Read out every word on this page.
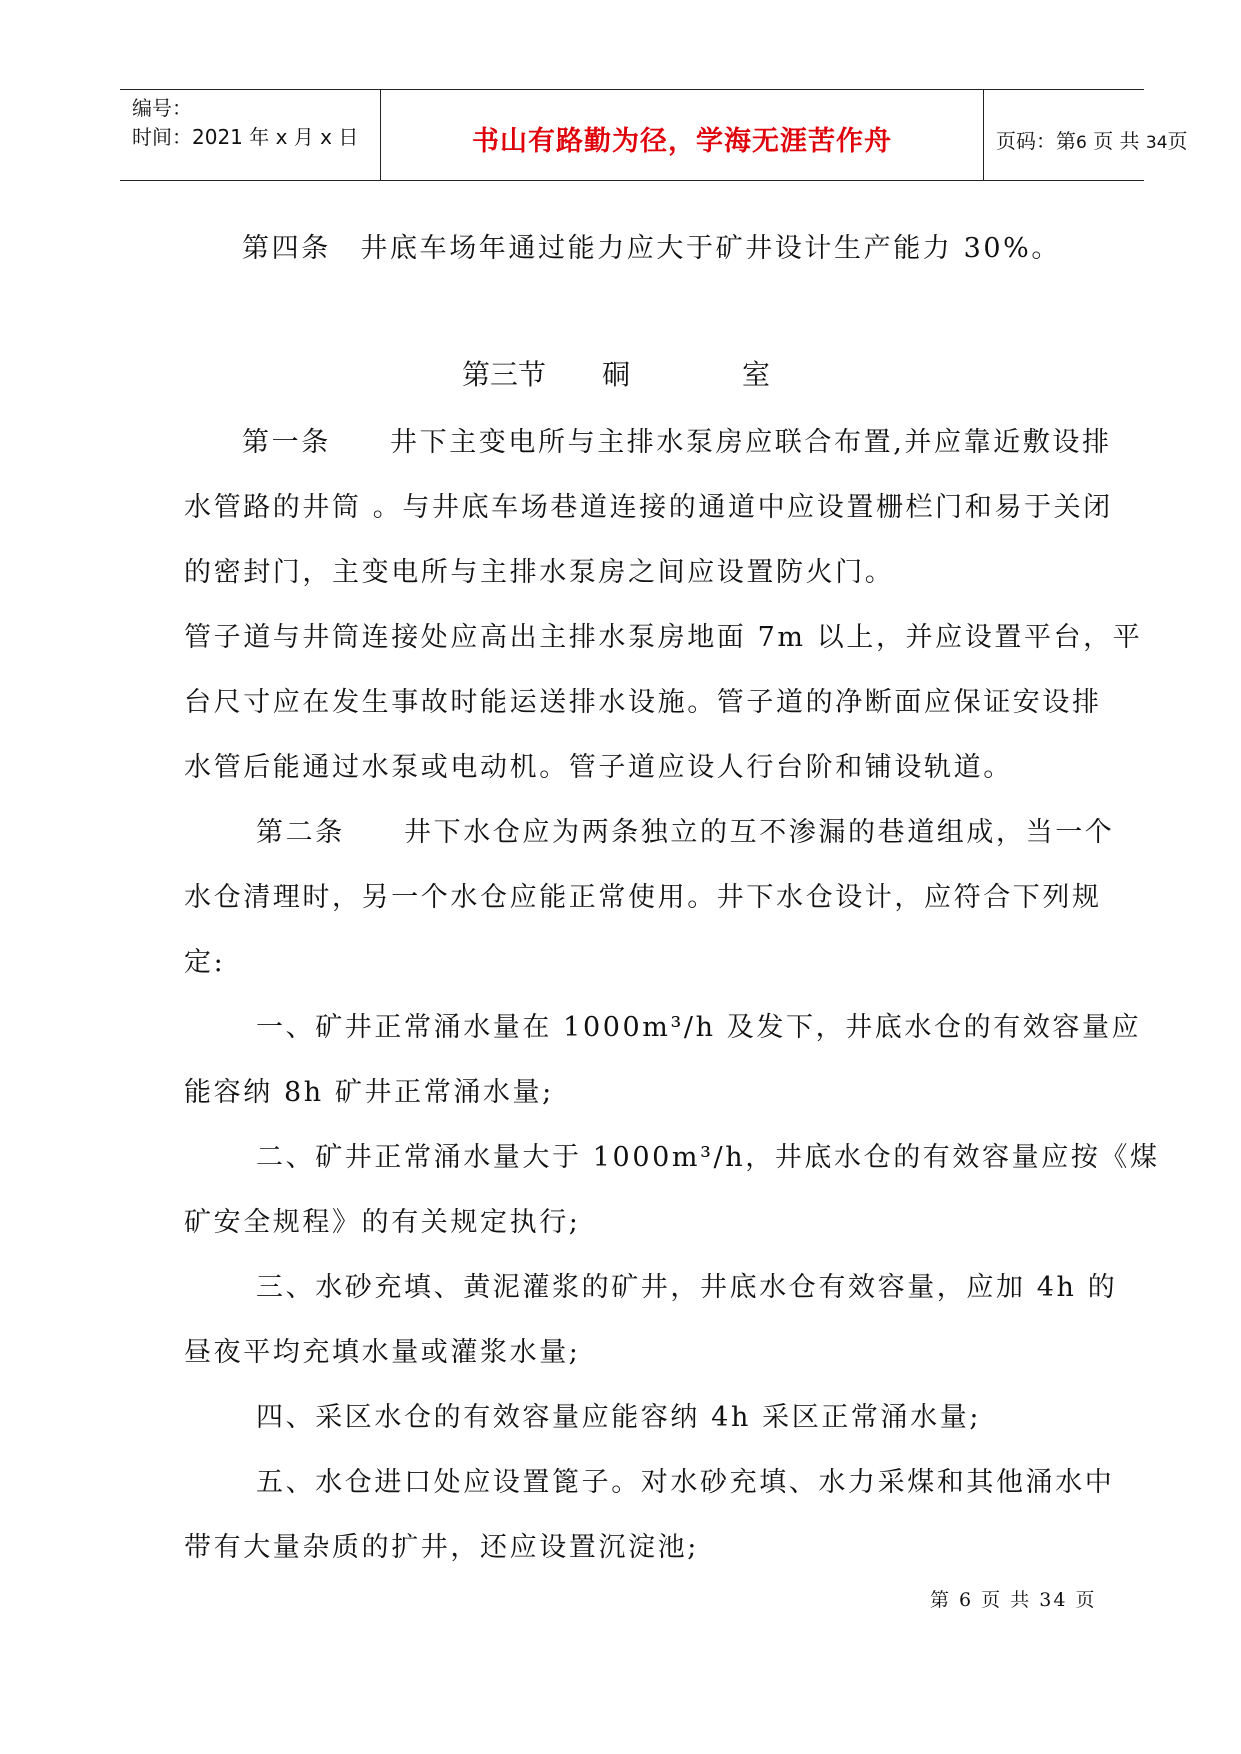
编号：
时间：2021 年 x 月 x 日	书山有路勤为径，学海无涯苦作舟	页码：第6 页 共 34页
第四条　井底车场年通过能力应大于矿井设计生产能力 30%。
第三节　　硐　　　　室
第一条　　井下主变电所与主排水泵房应联合布置,并应靠近敷设排
水管路的井筒 。与井底车场巷道连接的通道中应设置栅栏门和易于关闭
的密封门，主变电所与主排水泵房之间应设置防火门。
管子道与井筒连接处应高出主排水泵房地面 7m 以上，并应设置平台，平
台尺寸应在发生事故时能运送排水设施。管子道的净断面应保证安设排
水管后能通过水泵或电动机。管子道应设人行台阶和铺设轨道。
第二条　　井下水仓应为两条独立的互不渗漏的巷道组成，当一个
水仓清理时，另一个水仓应能正常使用。井下水仓设计，应符合下列规
定:
一、矿井正常涌水量在 1000m³/h 及发下，井底水仓的有效容量应
能容纳 8h 矿井正常涌水量;
二、矿井正常涌水量大于 1000m³/h，井底水仓的有效容量应按《煤
矿安全规程》的有关规定执行;
三、水砂充填、黄泥灌浆的矿井，井底水仓有效容量，应加 4h 的
昼夜平均充填水量或灌浆水量;
四、采区水仓的有效容量应能容纳 4h 采区正常涌水量;
五、水仓进口处应设置篦子。对水砂充填、水力采煤和其他涌水中
带有大量杂质的扩井，还应设置沉淀池;
第 6 页 共 34 页
